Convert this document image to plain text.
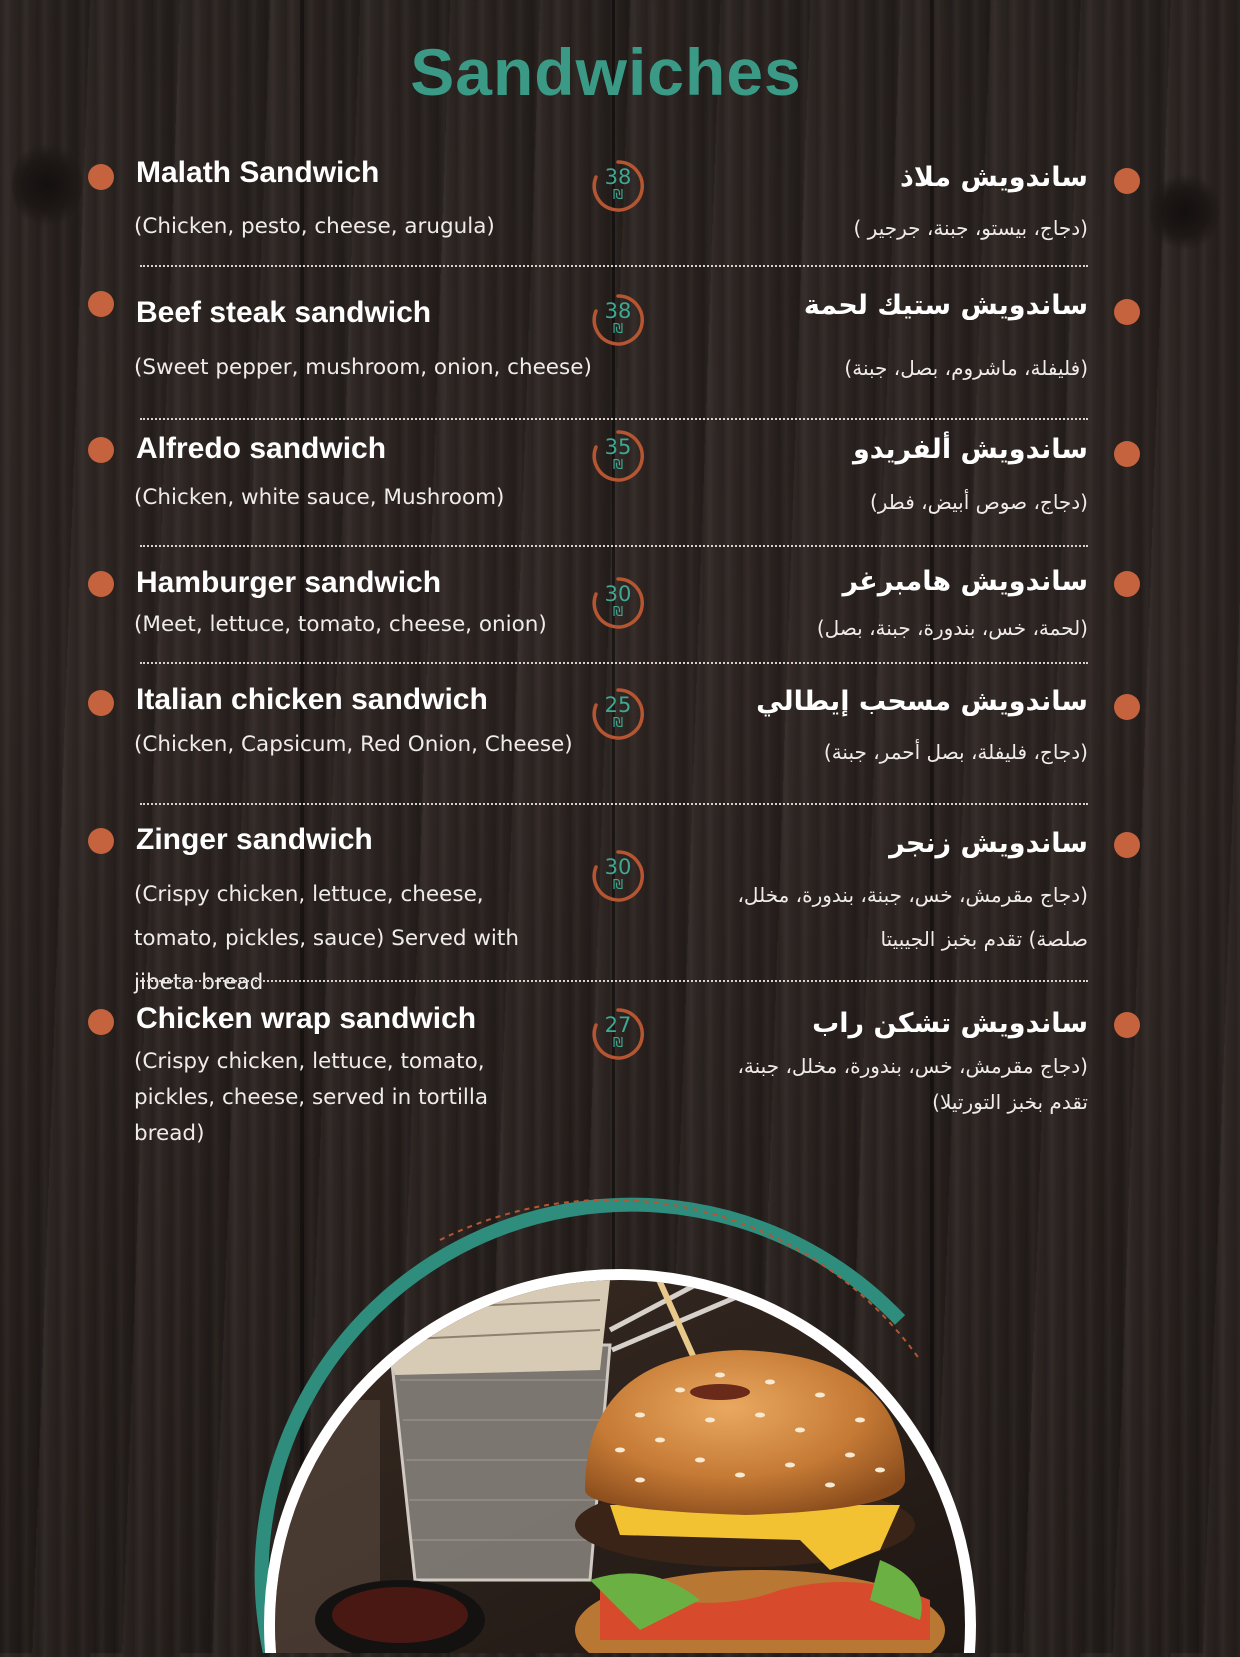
Sandwiches
Malath Sandwich
(Chicken, pesto, cheese, arugula)
38
₪
ساندويش ملاذ
(دجاج، بيستو، جبنة، جرجير )
Beef steak sandwich
(Sweet pepper, mushroom, onion, cheese)
38
₪
ساندويش ستيك لحمة
(فليفلة، ماشروم، بصل، جبنة)
Alfredo sandwich
(Chicken, white sauce, Mushroom)
35
₪
ساندويش ألفريدو
(دجاج، صوص أبيض، فطر)
Hamburger sandwich
(Meet, lettuce, tomato, cheese, onion)
30
₪
ساندويش هامبرغر
(لحمة، خس، بندورة، جبنة، بصل)
Italian chicken sandwich
(Chicken, Capsicum, Red Onion, Cheese)
25
₪
ساندويش مسحب إيطالي
(دجاج، فليفلة، بصل أحمر، جبنة)
Zinger sandwich
(Crispy chicken, lettuce, cheese, tomato, pickles, sauce) Served with jibeta bread
30
₪
ساندويش زنجر
(دجاج مقرمش، خس، جبنة، بندورة، مخلل، صلصة) تقدم بخبز الجيبيتا
Chicken wrap sandwich
(Crispy chicken, lettuce, tomato, pickles, cheese, served in tortilla bread)
27
₪
ساندويش تشكن راب
(دجاج مقرمش، خس، بندورة، مخلل، جبنة، تقدم بخبز التورتيلا)
